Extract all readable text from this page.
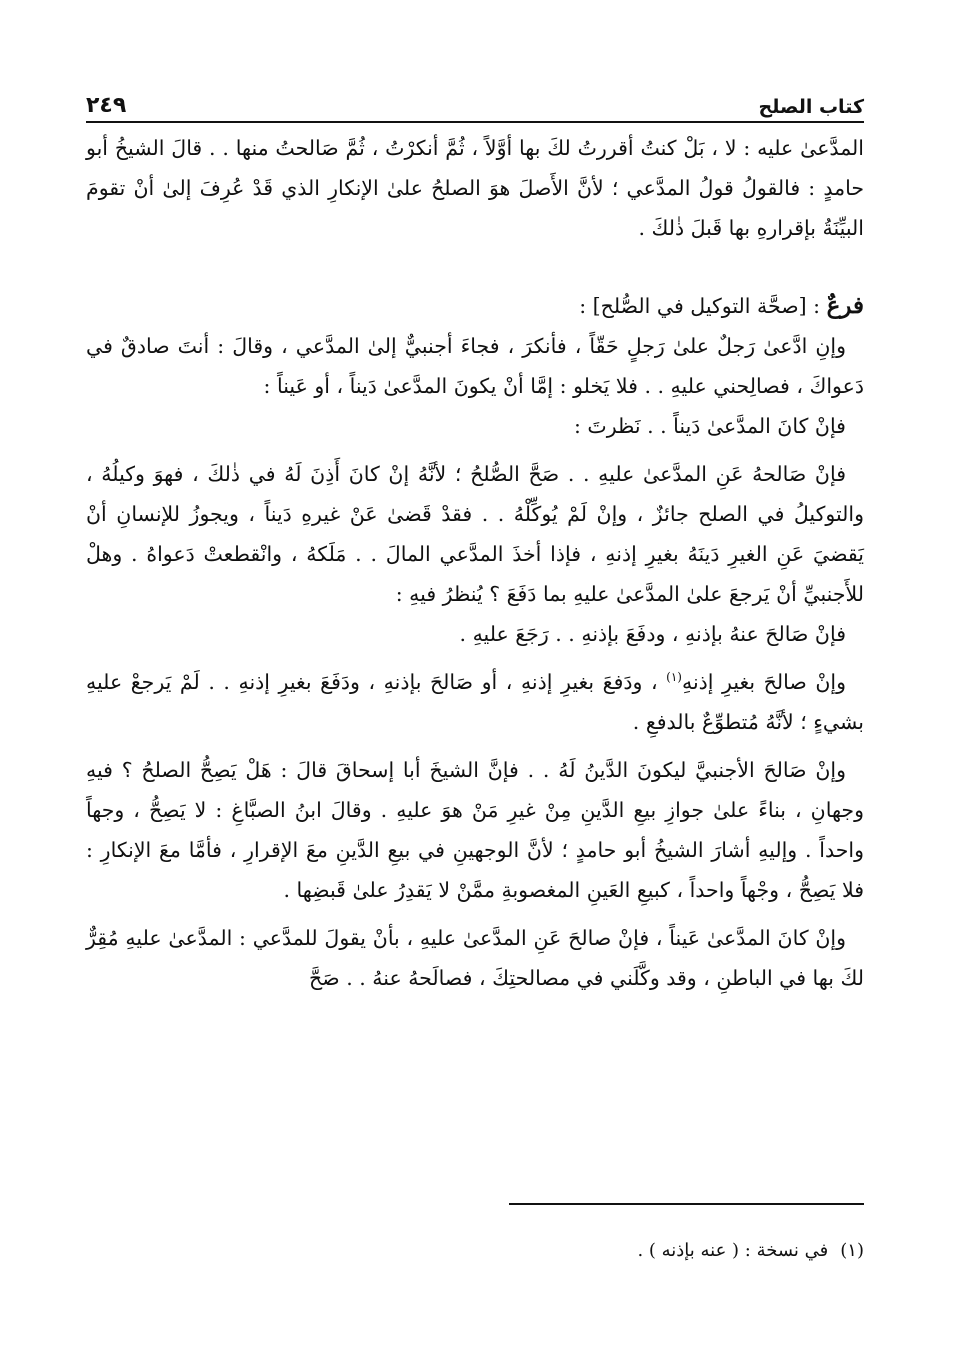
كتاب الصلح
٢٤٩

المدَّعىٰ عليه : لا ، بَلْ كنتُ أقررتُ لكَ بها أوَّلاً ، ثُمَّ أنكرْتُ ، ثُمَّ صَالحتُ منها . . قالَ الشيخُ أبو حامدٍ : فالقولُ قولُ المدَّعي ؛ لأنَّ الأَصلَ هوَ الصلحُ علىٰ الإنكارِ الذي قَدْ عُرِفَ إلىٰ أنْ تقومَ البيِّنَةُ بإقرارهِ بها قَبلَ ذٰلكَ .

فرعٌ : [صحَّة التوكيل في الصُّلح] :

وإنِ ادَّعىٰ رَجلٌ علىٰ رَجلٍ حَقّاً ، فأنكرَ ، فجاءَ أجنبيٌّ إلىٰ المدَّعي ، وقالَ : أنتَ صادقٌ في دَعواكَ ، فصالِحني عليهِ . . فلا يَخلو : إمَّا أنْ يكونَ المدَّعىٰ دَيناً ، أو عَيناً :

فإنْ كانَ المدَّعىٰ دَيناً . . نَظرتَ :

فإنْ صَالحهُ عَنِ المدَّعىٰ عليهِ . . صَحَّ الصُّلحُ ؛ لأنَّهُ إنْ كانَ أَذِنَ لَهُ في ذٰلكَ ، فهوَ وكيلُهُ ، والتوكيلُ في الصلح جائزٌ ، وإنْ لَمْ يُوكِّلْهُ . . فقدْ قَضىٰ عَنْ غيرهِ دَيناً ، ويجوزُ للإنسانِ أنْ يَقضيَ عَنِ الغيرِ دَينَهُ بغيرِ إذنهِ ، فإذا أخذَ المدَّعي المالَ . . مَلَكهُ ، وانْقطعتْ دَعواهُ . وهلْ للأَجنبيِّ أنْ يَرجعَ علىٰ المدَّعىٰ عليهِ بما دَفَعَ ؟ يُنظرُ فيهِ :

فإنْ صَالحَ عنهُ بإذنهِ ، ودفَعَ بإذنهِ . . رَجَعَ عليهِ .

وإنْ صالحَ بغيرِ إذنهِ$^{(١)}$ ، ودَفعَ بغيرِ إذنهِ ، أو صَالحَ بإذنهِ ، ودَفَعَ بغيرِ إذنهِ . . لَمْ يَرجعْ عليهِ بشيءٍ ؛ لأنَّهُ مُتطوِّعٌ بالدفعِ .

وإنْ صَالحَ الأجنبيَّ ليكونَ الدَّينُ لَهُ . . فإنَّ الشيخَ أبا إسحاقَ قالَ : هَلْ يَصِحُّ الصلحُ ؟ فيهِ وجهانِ ، بناءً علىٰ جوازِ بيعِ الدَّينِ مِنْ غيرِ مَنْ هوَ عليهِ . وقالَ ابنُ الصبَّاغِ : لا يَصِحُّ ، وجهاً واحداً . وإليهِ أشارَ الشيخُ أبو حامدٍ ؛ لأنَّ الوجهينِ في بيعِ الدَّينِ معَ الإقرارِ ، فأمَّا معَ الإنكارِ : فلا يَصِحُّ ، وجْهاً واحداً ، كبيعِ العَينِ المغصوبةِ ممَّنْ لا يَقدِرُ علىٰ قَبضِها .

وإنْ كانَ المدَّعىٰ عَيناً ، فإنْ صالحَ عَنِ المدَّعىٰ عليهِ ، بأنْ يقولَ للمدَّعي : المدَّعىٰ عليهِ مُقِرٌّ لكَ بها في الباطنِ ، وقد وكَّلَني في مصالحتِكَ ، فصالَحهُ عنهُ . . صَحَّ

(١)
في نسخة : ( عنه بإذنه ) .
